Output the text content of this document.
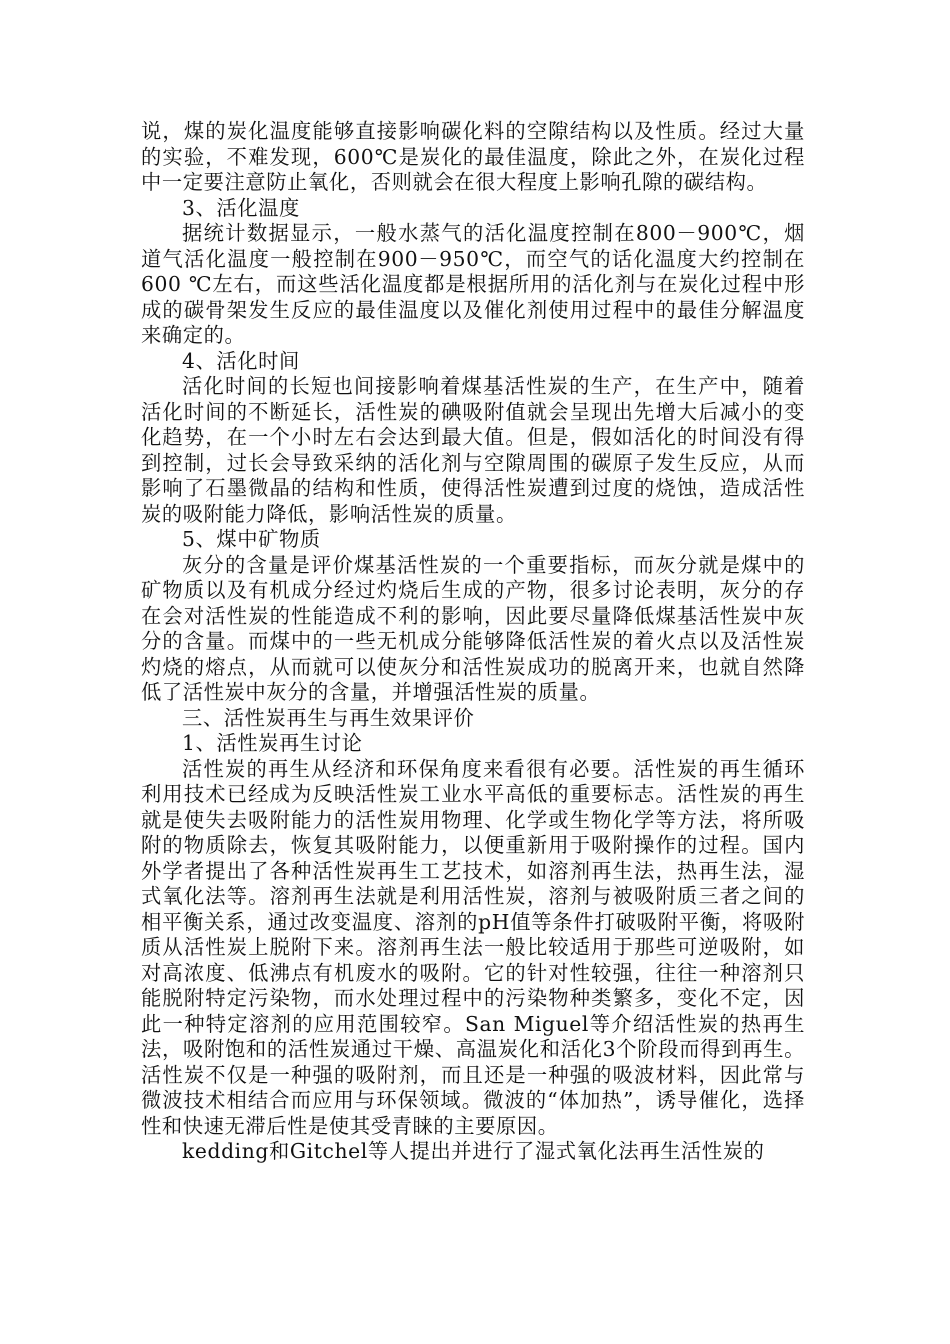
说，煤的炭化温度能够直接影响碳化料的空隙结构以及性质。经过大量的实验，不难发现，600℃是炭化的最佳温度，除此之外，在炭化过程中一定要注意防止氧化，否则就会在很大程度上影响孔隙的碳结构。

3、活化温度

据统计数据显示，一般水蒸气的活化温度控制在800－900℃，烟道气活化温度一般控制在900－950℃，而空气的话化温度大约控制在600 ℃左右，而这些活化温度都是根据所用的活化剂与在炭化过程中形成的碳骨架发生反应的最佳温度以及催化剂使用过程中的最佳分解温度来确定的。

4、活化时间

活化时间的长短也间接影响着煤基活性炭的生产，在生产中，随着活化时间的不断延长，活性炭的碘吸附值就会呈现出先增大后减小的变化趋势，在一个小时左右会达到最大值。但是，假如活化的时间没有得到控制，过长会导致采纳的活化剂与空隙周围的碳原子发生反应，从而影响了石墨微晶的结构和性质，使得活性炭遭到过度的烧蚀，造成活性炭的吸附能力降低，影响活性炭的质量。

5、煤中矿物质

灰分的含量是评价煤基活性炭的一个重要指标，而灰分就是煤中的矿物质以及有机成分经过灼烧后生成的产物，很多讨论表明，灰分的存在会对活性炭的性能造成不利的影响，因此要尽量降低煤基活性炭中灰分的含量。而煤中的一些无机成分能够降低活性炭的着火点以及活性炭灼烧的熔点，从而就可以使灰分和活性炭成功的脱离开来，也就自然降低了活性炭中灰分的含量，并增强活性炭的质量。

三、活性炭再生与再生效果评价

1、活性炭再生讨论

活性炭的再生从经济和环保角度来看很有必要。活性炭的再生循环利用技术已经成为反映活性炭工业水平高低的重要标志。活性炭的再生就是使失去吸附能力的活性炭用物理、化学或生物化学等方法，将所吸附的物质除去，恢复其吸附能力，以便重新用于吸附操作的过程。国内外学者提出了各种活性炭再生工艺技术，如溶剂再生法，热再生法，湿式氧化法等。溶剂再生法就是利用活性炭，溶剂与被吸附质三者之间的相平衡关系，通过改变温度、溶剂的pH值等条件打破吸附平衡，将吸附质从活性炭上脱附下来。溶剂再生法一般比较适用于那些可逆吸附，如对高浓度、低沸点有机废水的吸附。它的针对性较强，往往一种溶剂只能脱附特定污染物，而水处理过程中的污染物种类繁多，变化不定，因此一种特定溶剂的应用范围较窄。San Miguel等介绍活性炭的热再生法，吸附饱和的活性炭通过干燥、高温炭化和活化3个阶段而得到再生。活性炭不仅是一种强的吸附剂，而且还是一种强的吸波材料，因此常与微波技术相结合而应用与环保领域。微波的“体加热”，诱导催化，选择性和快速无滞后性是使其受青睐的主要原因。

kedding和Gitchel等人提出并进行了湿式氧化法再生活性炭的
